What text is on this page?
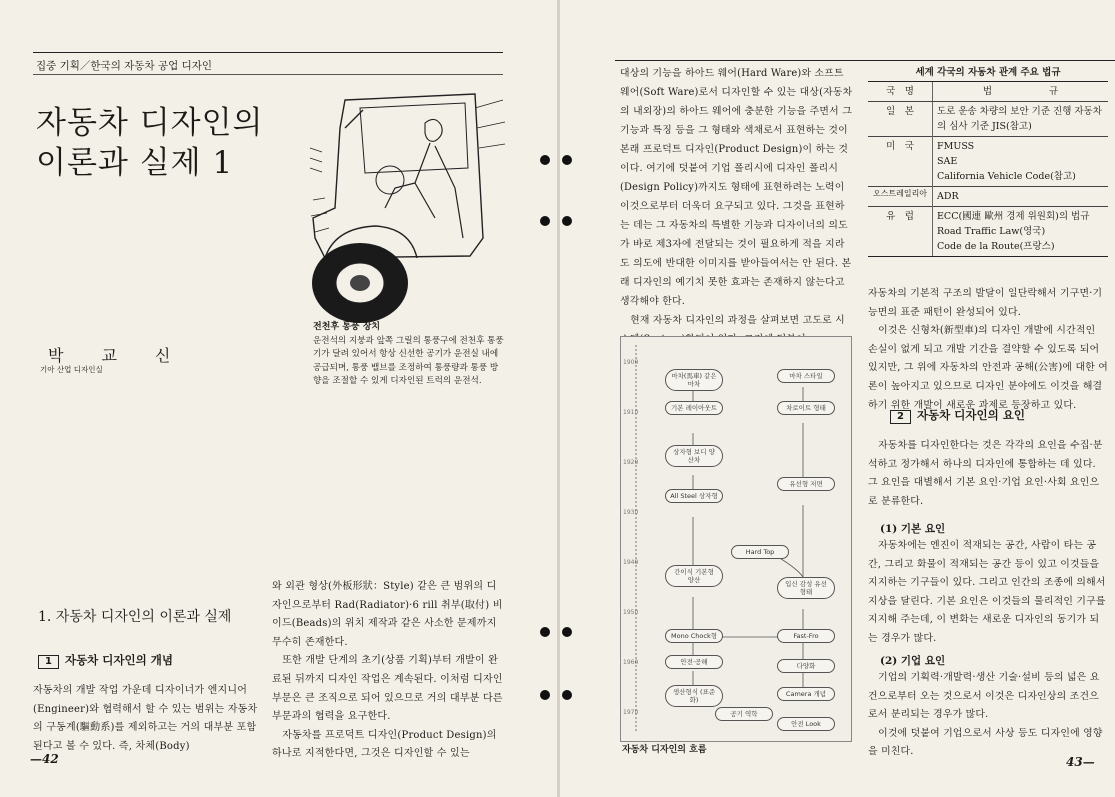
집중 기획／한국의 자동차 공업 디자인
자동차 디자인의
이론과 실제 1
전천후 통풍 장치
운전석의 지붕과 앞쪽 그릴의 통풍구에 전천후 통풍기가 달려 있어서 항상 신선한 공기가 운전실 내에 공급되며, 통풍 밸브를 조정하여 통풍량과 통풍 방향을 조절할 수 있게 디자인된 트럭의 운전석.
박　　교　　신
기아 산업 디자인실
1. 자동차 디자인의 이론과 실제
1 자동차 디자인의 개념
자동차의 개발 작업 가운데 디자이너가 엔지니어(Engineer)와 협력해서 할 수 있는 범위는 자동차의 구동계(驅動系)를 제외하고는 거의 대부분 포함된다고 볼 수 있다. 즉, 차체(Body)
와 외관 형상(外板形狀：Style) 같은 큰 범위의 디자인으로부터 Rad(Radiator)·6 rill 취부(取付) 비이드(Beads)의 위치 제작과 같은 사소한 문제까지 무수히 존재한다.
　또한 개발 단계의 초기(상품 기획)부터 개발이 완료된 뒤까지 디자인 작업은 계속된다. 이처럼 디자인 부문은 큰 조직으로 되어 있으므로 거의 대부분 다른 부문과의 협력을 요구한다.
　자동차를 프로덕트 디자인(Product Design)의 하나로 지적한다면, 그것은 디자인할 수 있는
—42
대상의 기능을 하아드 웨어(Hard Ware)와 소프트 웨어(Soft Ware)로서 디자인할 수 있는 대상(자동차의 내외장)의 하아드 웨어에 충분한 기능을 주면서 그 기능과 특징 등을 그 형태와 색채로서 표현하는 것이 본래 프로덕트 디자인(Product Design)이 하는 것이다. 여기에 덧붙여 기업 폴리시에 디자인 폴리시(Design Policy)까지도 형태에 표현하려는 노력이 이것으로부터 더욱더 요구되고 있다. 그것을 표현하는 데는 그 자동차의 특별한 기능과 디자이너의 의도가 바로 제3자에 전달되는 것이 필요하게 적을 지라도 의도에 반대한 이미지를 받아들여서는 안 된다. 본래 디자인의 예기치 못한 효과는 존재하지 않는다고 생각해야 한다.
　현재 자동차 디자인의 과정을 살펴보면 고도로 시
1900
1910
1920
1930
1940
1950
1960
1970
마차(馬車) 같은 마차
기본 레이아웃트
상자형 보디 양산차
All Steel 상자형
간이식 기본형 양산
Mono Chock형
안전·공해
생산형식 (표준화)
마차 스타일
차로이트 형태
유선형 저면
Hard Top
입신 감성 유선 형태
Fast-Fro
다양화
Camera 개념
공기 역학
안전 Look
자동차 디자인의 흐름
세계 각국의 자동차 관계 주요 법규
국　명	법　　　　　　규
일　본	도로 운송 차량의 보안 기준 진행 자동차의 심사 기준 JIS(참고)
미　국	FMUSS
SAE
California Vehicle Code(참고)
오스트레일리아	ADR
유　럽	ECC(國連 歐州 경제 위원회)의 법규
Road Traffic Law(영국)
Code de la Route(프랑스)
자동차의 기본적 구조의 발달이 일단락해서 기구면·기능면의 표준 패턴이 완성되어 있다.
　이것은 신형차(新型車)의 디자인 개발에 시간적인 손실이 없게 되고 개발 기간을 결약할 수 있도록 되어 있지만, 그 위에 자동차의 안전과 공해(公害)에 대한 여론이 높아지고 있으므로 디자인 분야에도 이것을 해결하기 위한 개발이 새로운 과제로 등장하고 있다.
2 자동차 디자인의 요인
　자동차를 디자인한다는 것은 각각의 요인을 수집·분석하고 정가해서 하나의 디자인에 통합하는 데 있다. 그 요인을 대별해서 기본 요인·기업 요인·사회 요인으로 분류한다.
(1) 기본 요인
　자동차에는 엔진이 적재되는 공간, 사람이 타는 공간, 그리고 화물이 적재되는 공간 등이 있고 이것들을 지지하는 기구들이 있다. 그리고 인간의 조종에 의해서 지상을 달린다. 기본 요인은 이것들의 물리적인 기구를 지지해 주는데, 이 변화는 새로운 디자인의 동기가 되는 경우가 많다.
(2) 기업 요인
　기업의 기획력·개발력·생산 기술·설비 등의 넓은 요건으로부터 오는 것으로서 이것은 디자인상의 조건으로서 분리되는 경우가 많다.
　이것에 덧붙여 기업으로서 사상 등도 디자인에 영향을 미친다.
43—
